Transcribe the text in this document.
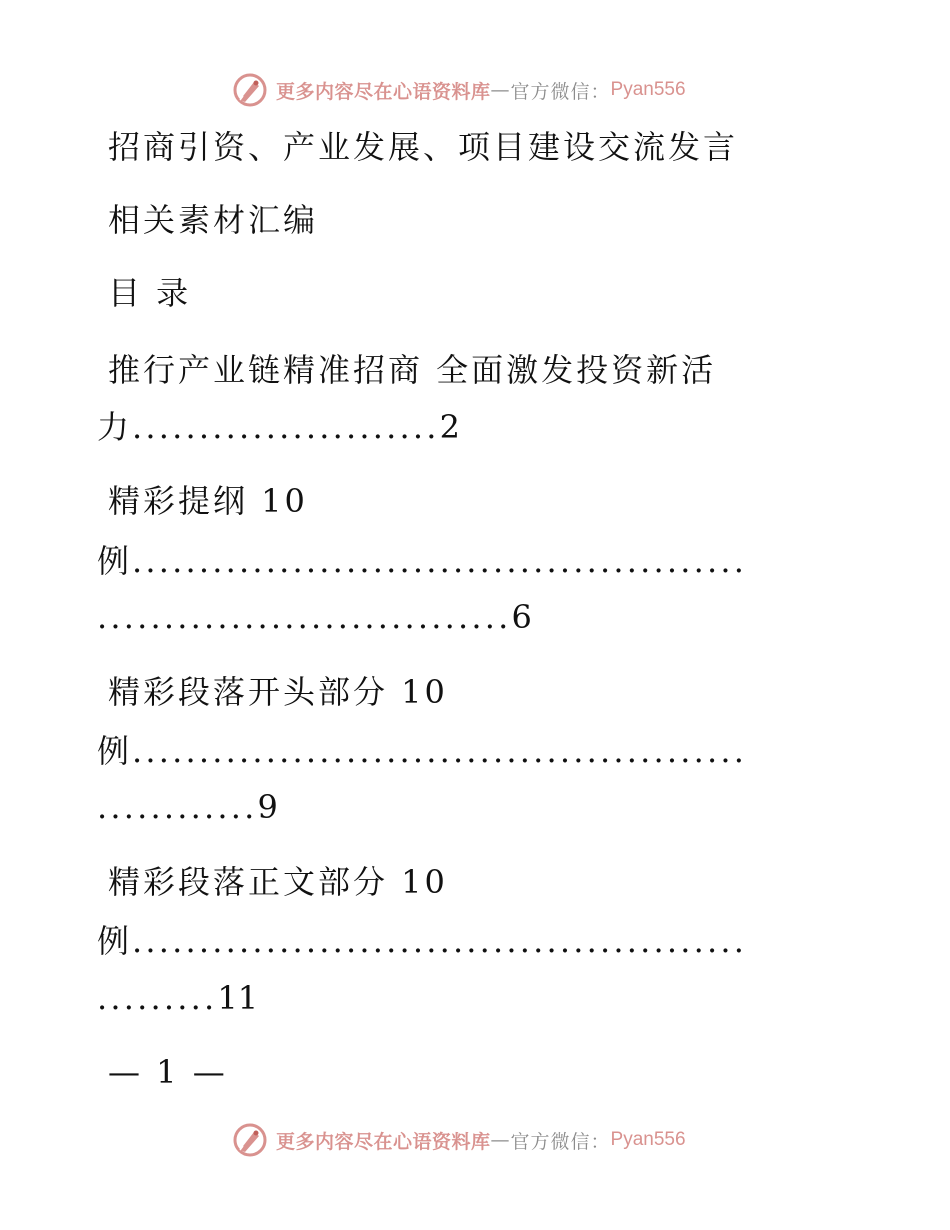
更多内容尽在心语资料库 — 官方微信： Pyan556
招商引资、产业发展、项目建设交流发言
相关素材汇编
目 录
推行产业链精准招商 全面激发投资新活
力.......................2
精彩提纲 10
例..............................................
...............................6
精彩段落开头部分 10
例..............................................
............9
精彩段落正文部分 10
例..............................................
.........11
— 1 —
更多内容尽在心语资料库 — 官方微信： Pyan556
